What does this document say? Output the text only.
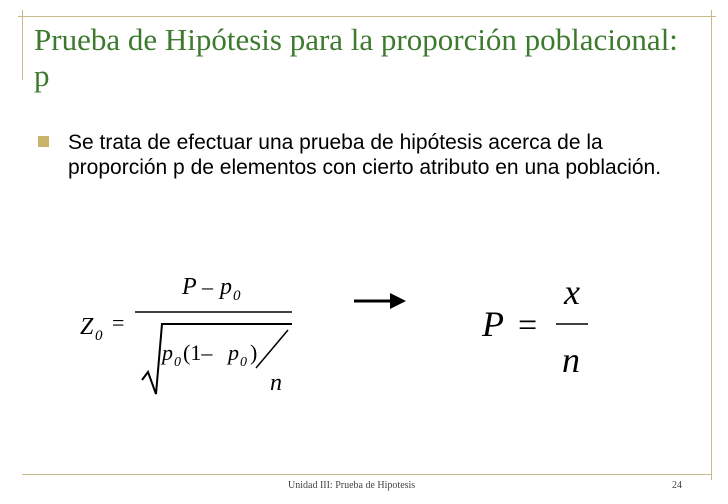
Prueba de Hipótesis para la proporción poblacional: p
Se trata de efectuar una prueba de hipótesis acerca de la proporción p de elementos con cierto atributo en una población.
Z 0
=
P – p 0
p 0 (1– p 0 )
n
P =
x
n
Unidad III: Prueba de Hipotesis	24
